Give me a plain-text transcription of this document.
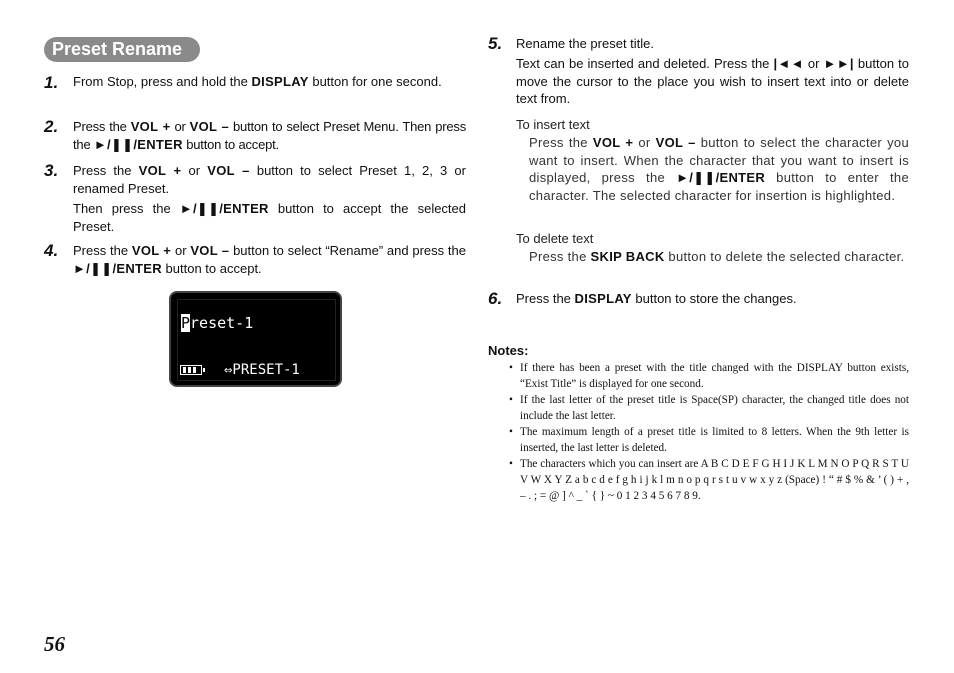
Preset Rename
1. From Stop, press and hold the DISPLAY button for one second.
2. Press the VOL + or VOL – button to select Preset Menu. Then press the ►/❚❚/ENTER button to accept.
3. Press the VOL + or VOL – button to select Preset 1, 2, 3 or renamed Preset.
Then press the ►/❚❚/ENTER button to accept the selected Preset.
4. Press the VOL + or VOL – button to select “Rename” and press the ►/❚❚/ENTER button to accept.
Preset-1
⇔PRESET-1
5. Rename the preset title.
Text can be inserted and deleted. Press the |◄◄ or ►►| button to move the cursor to the place you wish to insert text into or delete text from.
To insert text
Press the VOL + or VOL – button to select the character you want to insert. When the character that you want to insert is displayed, press the ►/❚❚/ENTER button to enter the character. The selected character for insertion is highlighted.
To delete text
Press the SKIP BACK button to delete the selected character.
6. Press the DISPLAY button to store the changes.
Notes:
• If there has been a preset with the title changed with the DISPLAY button exists, “Exist Title” is displayed for one second.
• If the last letter of the preset title is Space(SP) character, the changed title does not include the last letter.
• The maximum length of a preset title is limited to 8 letters. When the 9th letter is inserted, the last letter is deleted.
• The characters which you can insert are A B C D E F G H I J K L M N O P Q R S T U V W X Y Z a b c d e f g h i j k l m n o p q r s t u v w x y z (Space) ! “ # $ % & ’ ( ) + , – . ; = @ ] ^ _ ` { } ~ 0 1 2 3 4 5 6 7 8 9.
56
